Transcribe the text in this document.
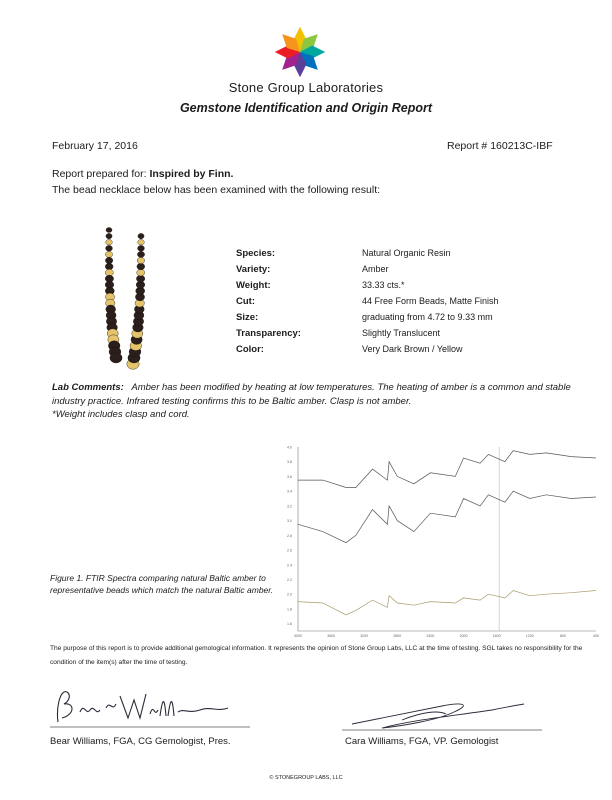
Stone Group Laboratories
Gemstone Identification and Origin Report
February 17, 2016	Report # 160213C-IBF
Report prepared for: Inspired by Finn.
The bead necklace below has been examined with the following result:
Species:	Natural Organic Resin
Variety:	Amber
Weight:	33.33 cts.*
Cut:	44 Free Form Beads, Matte Finish
Size:	graduating from 4.72 to 9.33 mm
Transparency:	Slightly Translucent
Color:	Very Dark Brown / Yellow
Lab Comments: Amber has been modified by heating at low temperatures. The heating of amber is a common and stable industry practice. Infrared testing confirms this to be Baltic amber. Clasp is not amber.
*Weight includes clasp and cord.
4.0
3.8
3.6
3.4
3.2
3.0
2.8
2.6
2.4
2.2
2.0
1.8
1.6
4000	3600	3200	2800	2400	2000	1600	1200	800	400
Figure 1. FTIR Spectra comparing natural Baltic amber to representative beads which match the natural Baltic amber.
The purpose of this report is to provide additional gemological information. It represents the opinion of Stone Group Labs, LLC at the time of testing. SGL takes no responsibility for the condition of the item(s) after the time of testing.
Bear Williams, FGA, CG Gemologist, Pres.	Cara Williams, FGA, VP. Gemologist
© STONEGROUP LABS, LLC
